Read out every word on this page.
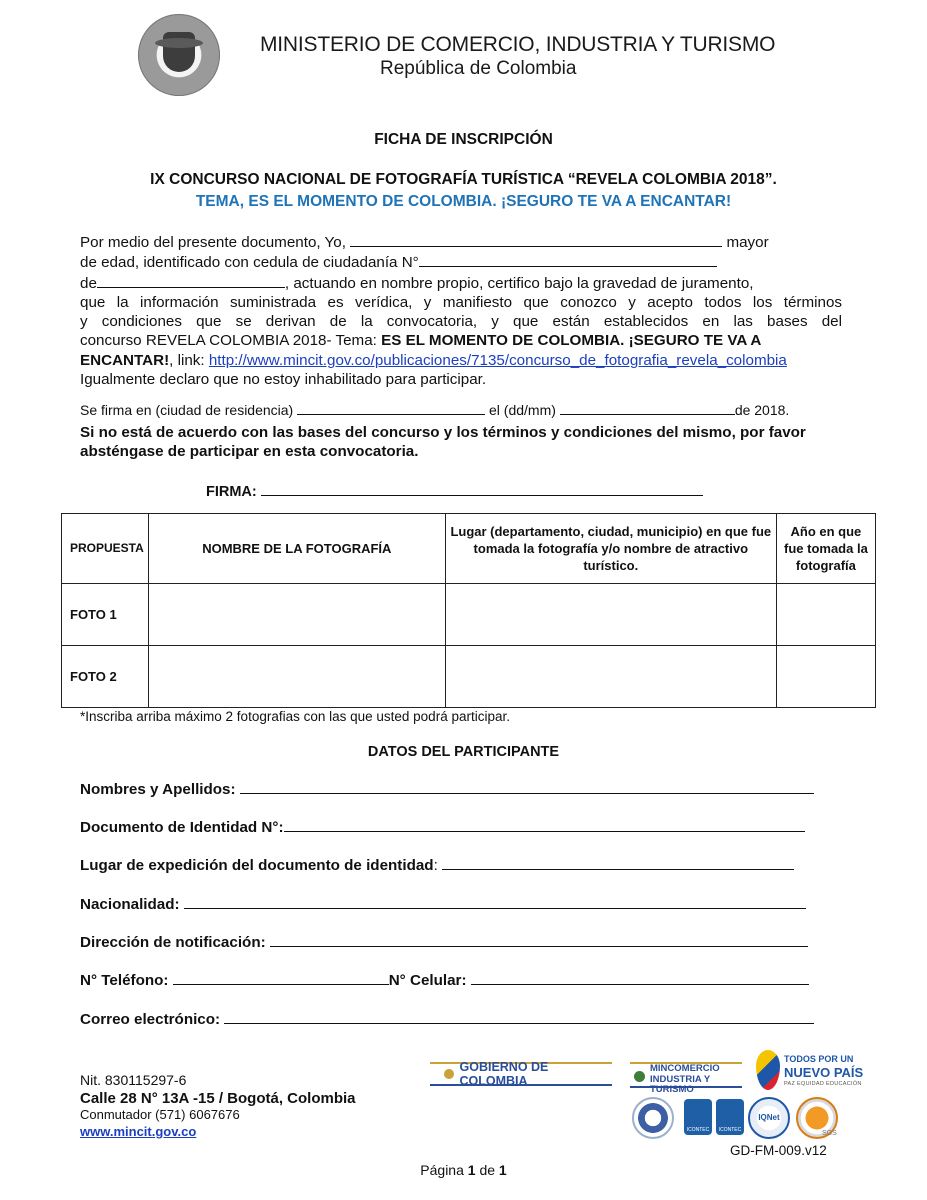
MINISTERIO DE COMERCIO, INDUSTRIA Y TURISMO
República de Colombia
FICHA DE INSCRIPCIÓN
IX CONCURSO NACIONAL DE FOTOGRAFÍA TURÍSTICA “REVELA COLOMBIA 2018”.
TEMA, ES EL MOMENTO DE COLOMBIA. ¡SEGURO TE VA A ENCANTAR!
Por medio del presente documento, Yo,	mayor
de edad, identificado con cedula de ciudadanía N°
de	, actuando en nombre propio, certifico bajo la gravedad de juramento,
que la información suministrada es verídica, y manifiesto que conozco y acepto todos los términos
y condiciones que se derivan de la convocatoria, y que están establecidos en las bases del
concurso REVELA COLOMBIA 2018- Tema: ES EL MOMENTO DE COLOMBIA. ¡SEGURO TE VA A
ENCANTAR!, link: http://www.mincit.gov.co/publicaciones/7135/concurso_de_fotografia_revela_colombia
Igualmente declaro que no estoy inhabilitado para participar.
Se firma en (ciudad de residencia)	el (dd/mm)	de 2018.
Si no está de acuerdo con las bases del concurso y los términos y condiciones del mismo, por favor absténgase de participar en esta convocatoria.
FIRMA:
PROPUESTA	NOMBRE DE LA FOTOGRAFÍA	Lugar (departamento, ciudad, municipio) en que fue tomada la fotografía y/o nombre de atractivo turístico.	Año en que fue tomada la fotografía
FOTO 1			
FOTO 2			
*Inscriba arriba máximo 2 fotografias con las que usted podrá participar.
DATOS DEL PARTICIPANTE
Nombres y Apellidos:
Documento de Identidad N°:
Lugar de expedición del documento de identidad:
Nacionalidad:
Dirección de notificación:
N° Teléfono:	N° Celular:
Correo electrónico:
Nit. 830115297-6
Calle 28 N° 13A -15 / Bogotá, Colombia
Conmutador (571) 6067676
www.mincit.gov.co
GOBIERNO DE COLOMBIA
MINCOMERCIO
INDUSTRIA Y TURISMO
TODOS POR UN
NUEVO PAÍS
PAZ EQUIDAD EDUCACIÓN
ICONTEC	ICONTEC
IQNet
SGS
GD-FM-009.v12
Página 1 de 1
